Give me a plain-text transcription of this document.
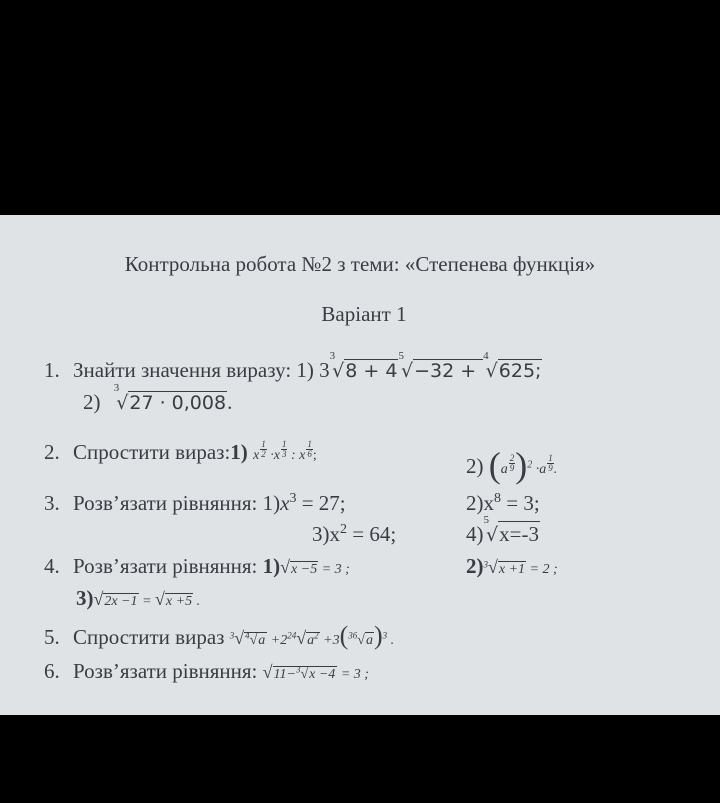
Контрольна робота №2 з теми: «Степенева функція»
Варіант 1
1. Знайти значення виразу: 1) $3^3√8 + 4^5√-32 + ^4√625$;
2) $^3$√27 · 0,008.
2. Спростити вираз:1) x $\frac{1}{2} \cdot x \frac{1}{3}$ : x $\frac{1}{6}$ ;	2) $(a \frac{2}{9} )^2 \cdot a \frac{1}{9}$ .
3. Розв’язати рівняння: $1)x^3 = 27$;	$2)x^8 = 3$;
$3)x^2 = 64$;	4)$^5$√x=-3
4. Розв’язати рівняння: 1)√x −5 = 3 ;	2)$^3$√x +1 = 2 ;
3)√2x −1 = √x +5 .
5. Спростити вираз $^3√^4√a +2^{24}√a^2 +3(^{36}√a)^3$ .
6. Розв’язати рівняння: √11−$^3$√x −4 = 3 ;
